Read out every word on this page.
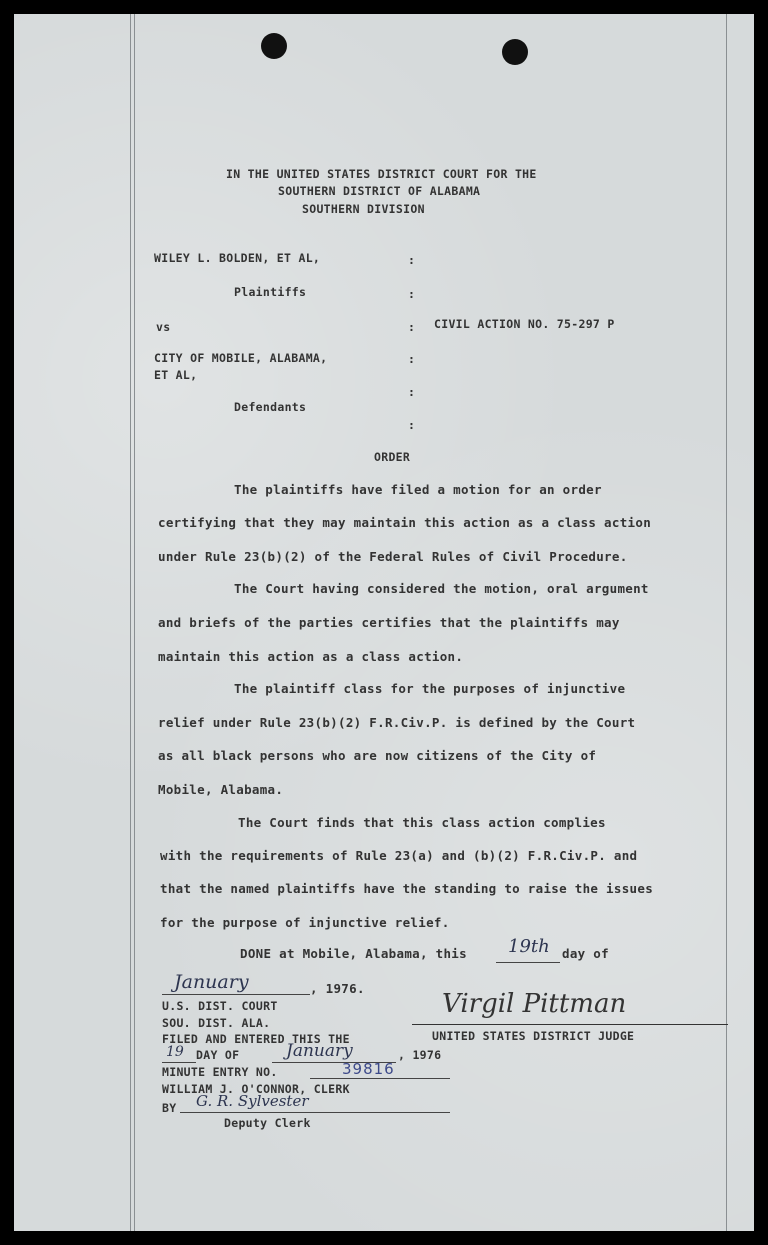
IN THE UNITED STATES DISTRICT COURT FOR THE
SOUTHERN DISTRICT OF ALABAMA
SOUTHERN DIVISION
WILEY L. BOLDEN, ET AL,	:
Plaintiffs	:
vs	: CIVIL ACTION NO. 75-297 P
CITY OF MOBILE, ALABAMA,	:
ET AL,
:
Defendants
:
ORDER
The plaintiffs have filed a motion for an order
certifying that they may maintain this action as a class action
under Rule 23(b)(2) of the Federal Rules of Civil Procedure.
The Court having considered the motion, oral argument
and briefs of the parties certifies that the plaintiffs may
maintain this action as a class action.
The plaintiff class for the purposes of injunctive
relief under Rule 23(b)(2) F.R.Civ.P. is defined by the Court
as all black persons who are now citizens of the City of
Mobile, Alabama.
The Court finds that this class action complies
with the requirements of Rule 23(a) and (b)(2) F.R.Civ.P. and
that the named plaintiffs have the standing to raise the issues
for the purpose of injunctive relief.
DONE at Mobile, Alabama, this 19th day of
January	, 1976.
Virgil Pittman
UNITED STATES DISTRICT JUDGE
U.S. DIST. COURT
SOU. DIST. ALA.
FILED AND ENTERED THIS THE
19 DAY OF	January	, 1976
MINUTE ENTRY NO.	39816
WILLIAM J. O'CONNOR, CLERK
BY G. R. Sylvester
Deputy Clerk
